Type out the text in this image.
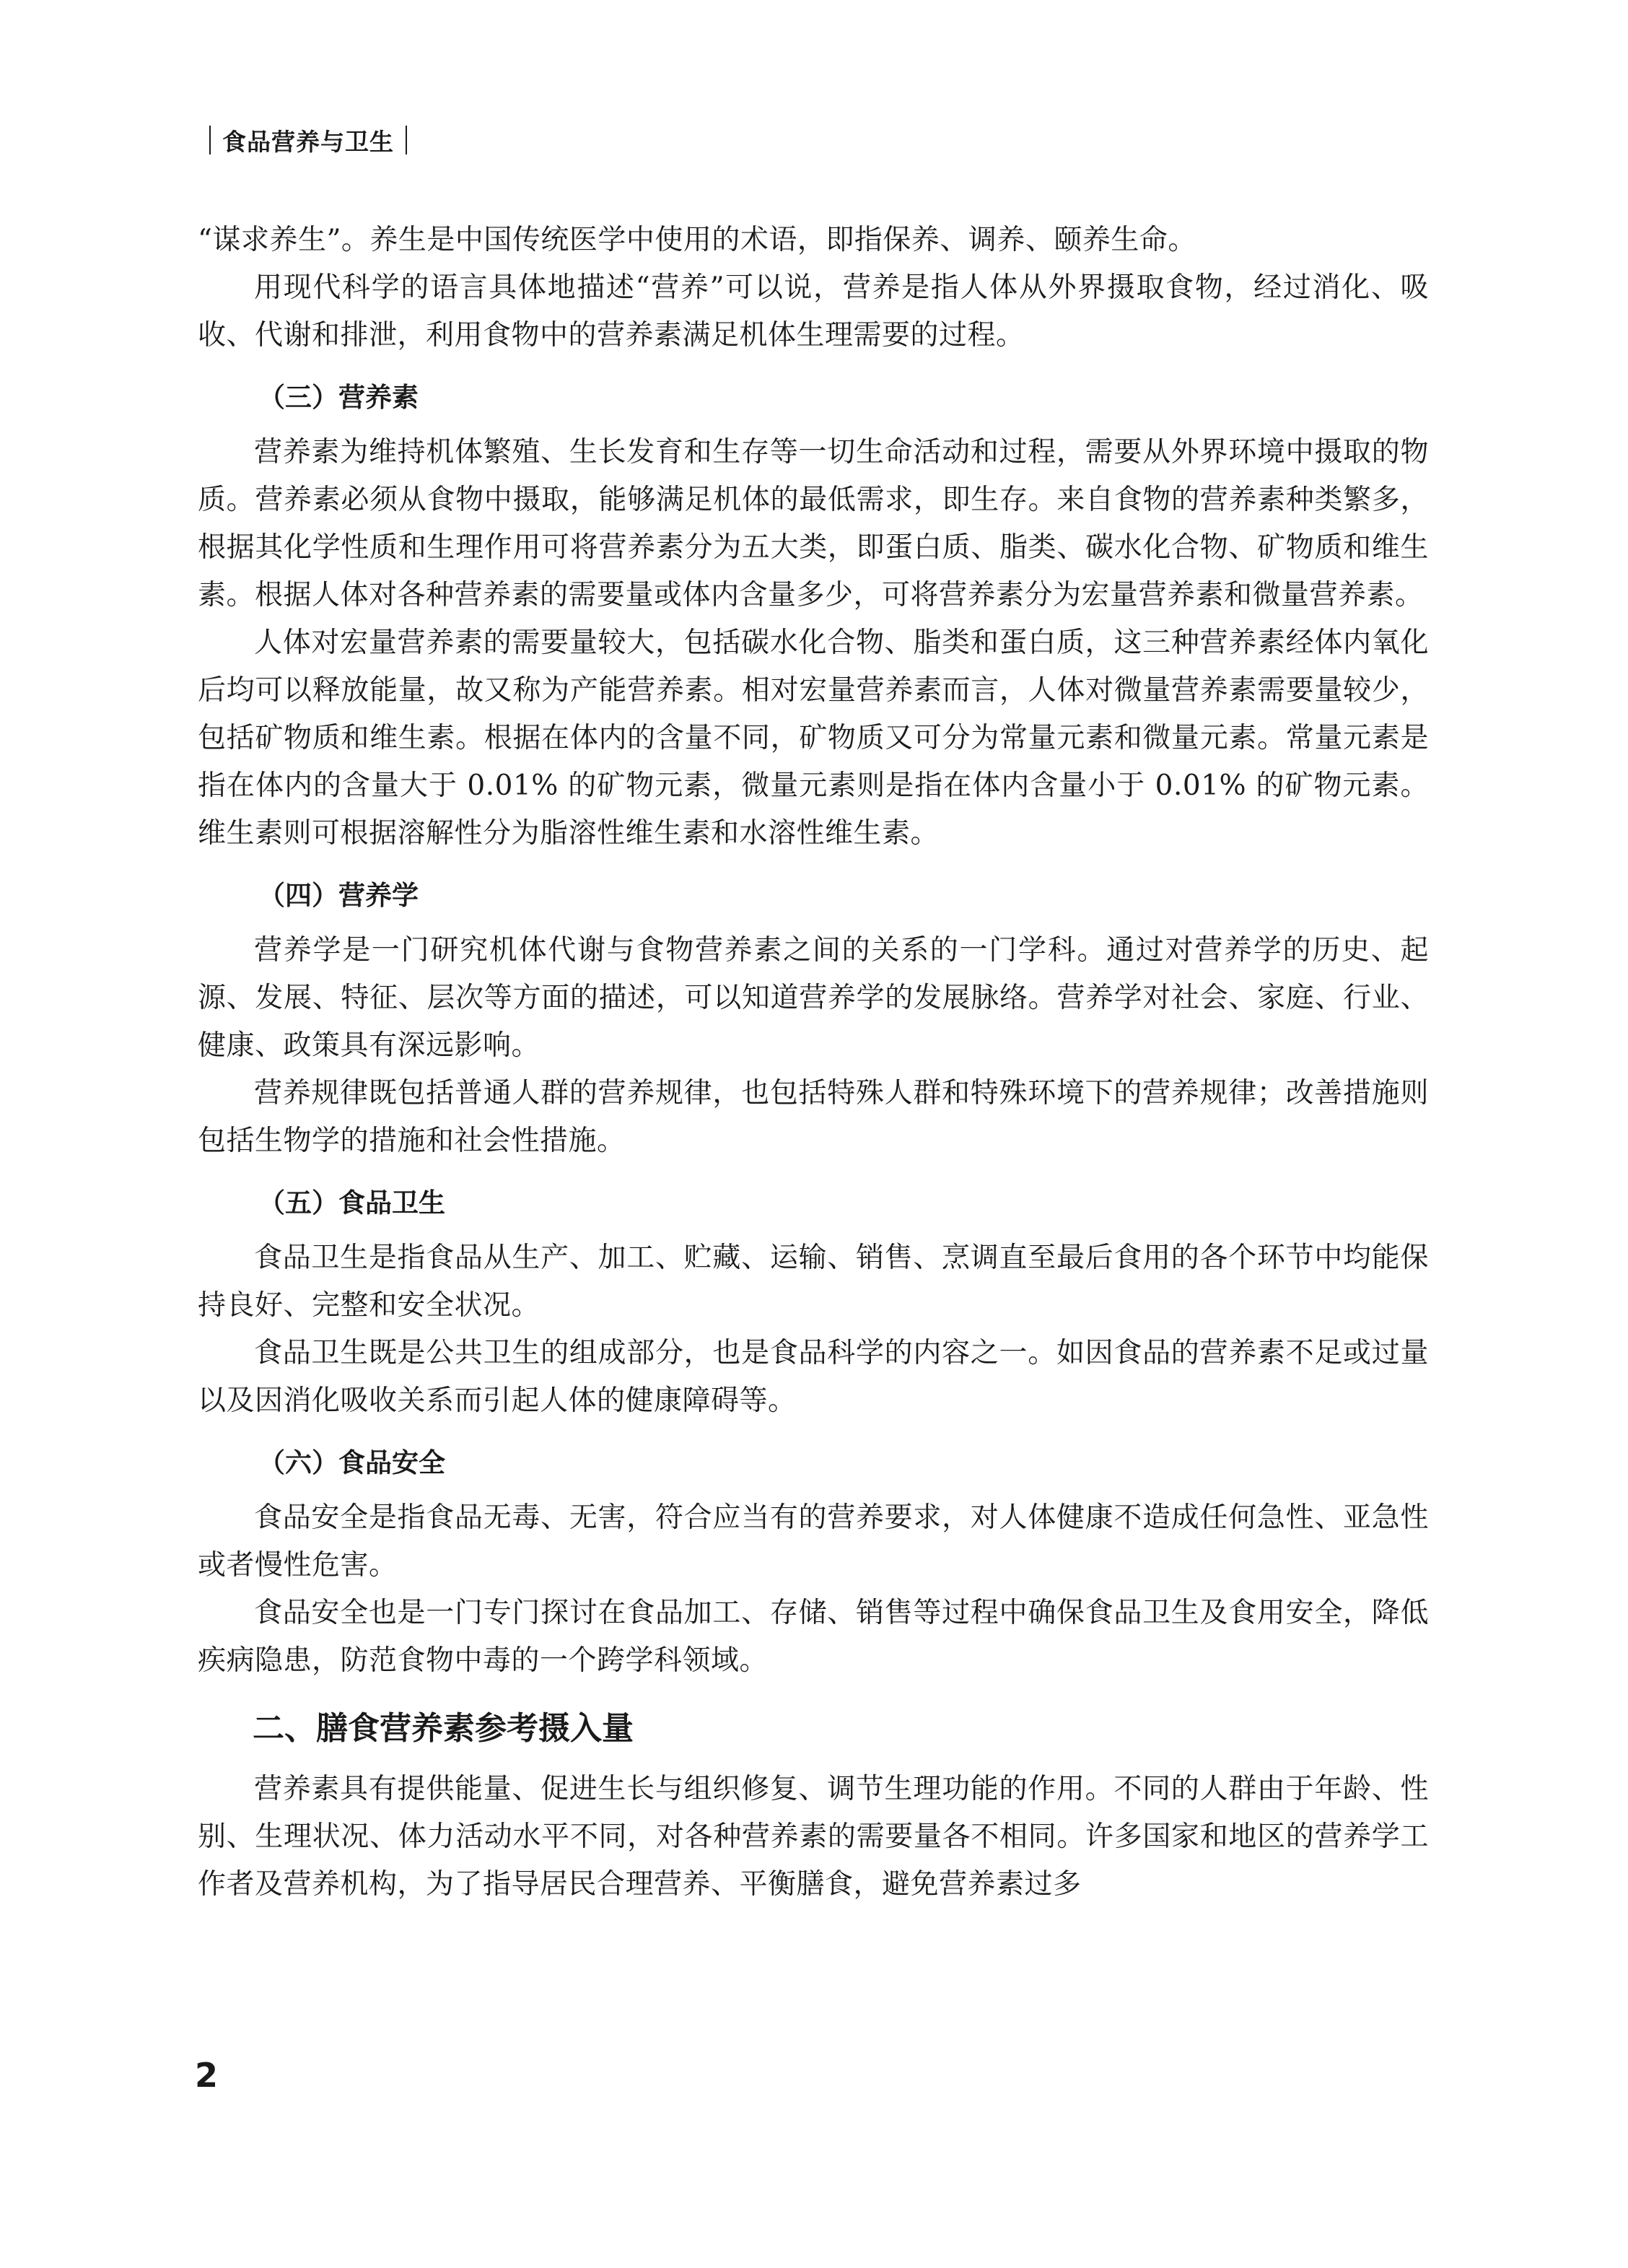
食品营养与卫生

“谋求养生”。养生是中国传统医学中使用的术语，即指保养、调养、颐养生命。

用现代科学的语言具体地描述“营养”可以说，营养是指人体从外界摄取食物，经过消化、吸收、代谢和排泄，利用食物中的营养素满足机体生理需要的过程。

（三）营养素

营养素为维持机体繁殖、生长发育和生存等一切生命活动和过程，需要从外界环境中摄取的物质。营养素必须从食物中摄取，能够满足机体的最低需求，即生存。来自食物的营养素种类繁多，根据其化学性质和生理作用可将营养素分为五大类，即蛋白质、脂类、碳水化合物、矿物质和维生素。根据人体对各种营养素的需要量或体内含量多少，可将营养素分为宏量营养素和微量营养素。

人体对宏量营养素的需要量较大，包括碳水化合物、脂类和蛋白质，这三种营养素经体内氧化后均可以释放能量，故又称为产能营养素。相对宏量营养素而言，人体对微量营养素需要量较少，包括矿物质和维生素。根据在体内的含量不同，矿物质又可分为常量元素和微量元素。常量元素是指在体内的含量大于 0.01% 的矿物元素，微量元素则是指在体内含量小于 0.01% 的矿物元素。维生素则可根据溶解性分为脂溶性维生素和水溶性维生素。

（四）营养学

营养学是一门研究机体代谢与食物营养素之间的关系的一门学科。通过对营养学的历史、起源、发展、特征、层次等方面的描述，可以知道营养学的发展脉络。营养学对社会、家庭、行业、健康、政策具有深远影响。

营养规律既包括普通人群的营养规律，也包括特殊人群和特殊环境下的营养规律；改善措施则包括生物学的措施和社会性措施。

（五）食品卫生

食品卫生是指食品从生产、加工、贮藏、运输、销售、烹调直至最后食用的各个环节中均能保持良好、完整和安全状况。

食品卫生既是公共卫生的组成部分，也是食品科学的内容之一。如因食品的营养素不足或过量以及因消化吸收关系而引起人体的健康障碍等。

（六）食品安全

食品安全是指食品无毒、无害，符合应当有的营养要求，对人体健康不造成任何急性、亚急性或者慢性危害。

食品安全也是一门专门探讨在食品加工、存储、销售等过程中确保食品卫生及食用安全，降低疾病隐患，防范食物中毒的一个跨学科领域。

二、膳食营养素参考摄入量

营养素具有提供能量、促进生长与组织修复、调节生理功能的作用。不同的人群由于年龄、性别、生理状况、体力活动水平不同，对各种营养素的需要量各不相同。许多国家和地区的营养学工作者及营养机构，为了指导居民合理营养、平衡膳食，避免营养素过多

2
